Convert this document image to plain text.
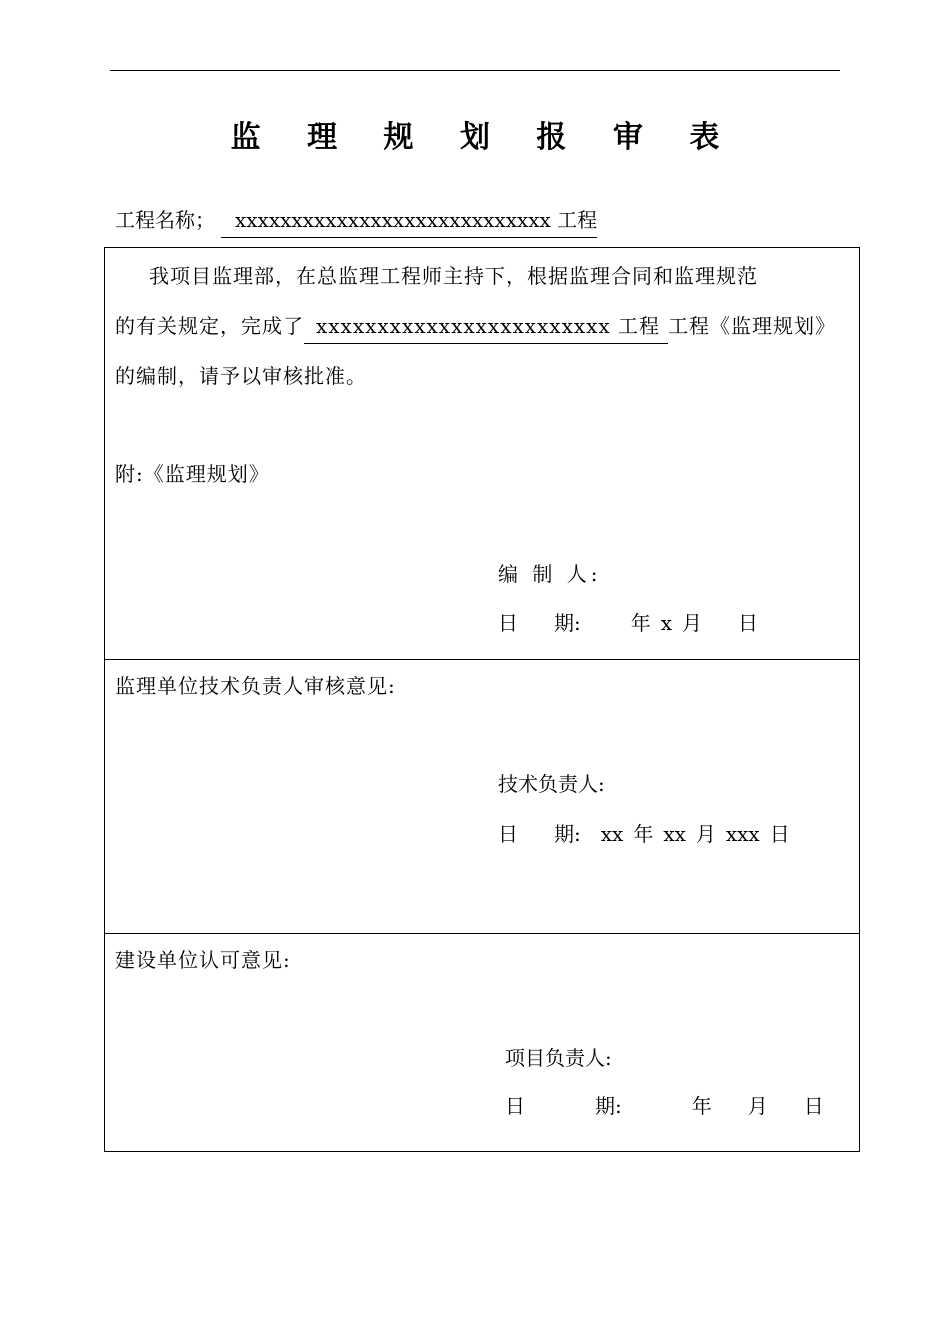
监 理 规 划 报 审 表
工程名称； xxxxxxxxxxxxxxxxxxxxxxxxxxxx 工程
我项目监理部，在总监理工程师主持下，根据监理合同和监理规范
的有关规定，完成了 xxxxxxxxxxxxxxxxxxxxxxxx 工程 工程《监理规划》
的编制，请予以审核批准。
附:《监理规划》
编 制 人:
日 期:	年 x 月 日
监理单位技术负责人审核意见:
技术负责人:
日 期: xx 年 xx 月 xxx 日
建设单位认可意见:
项目负责人:
日	期:	年 月 日
